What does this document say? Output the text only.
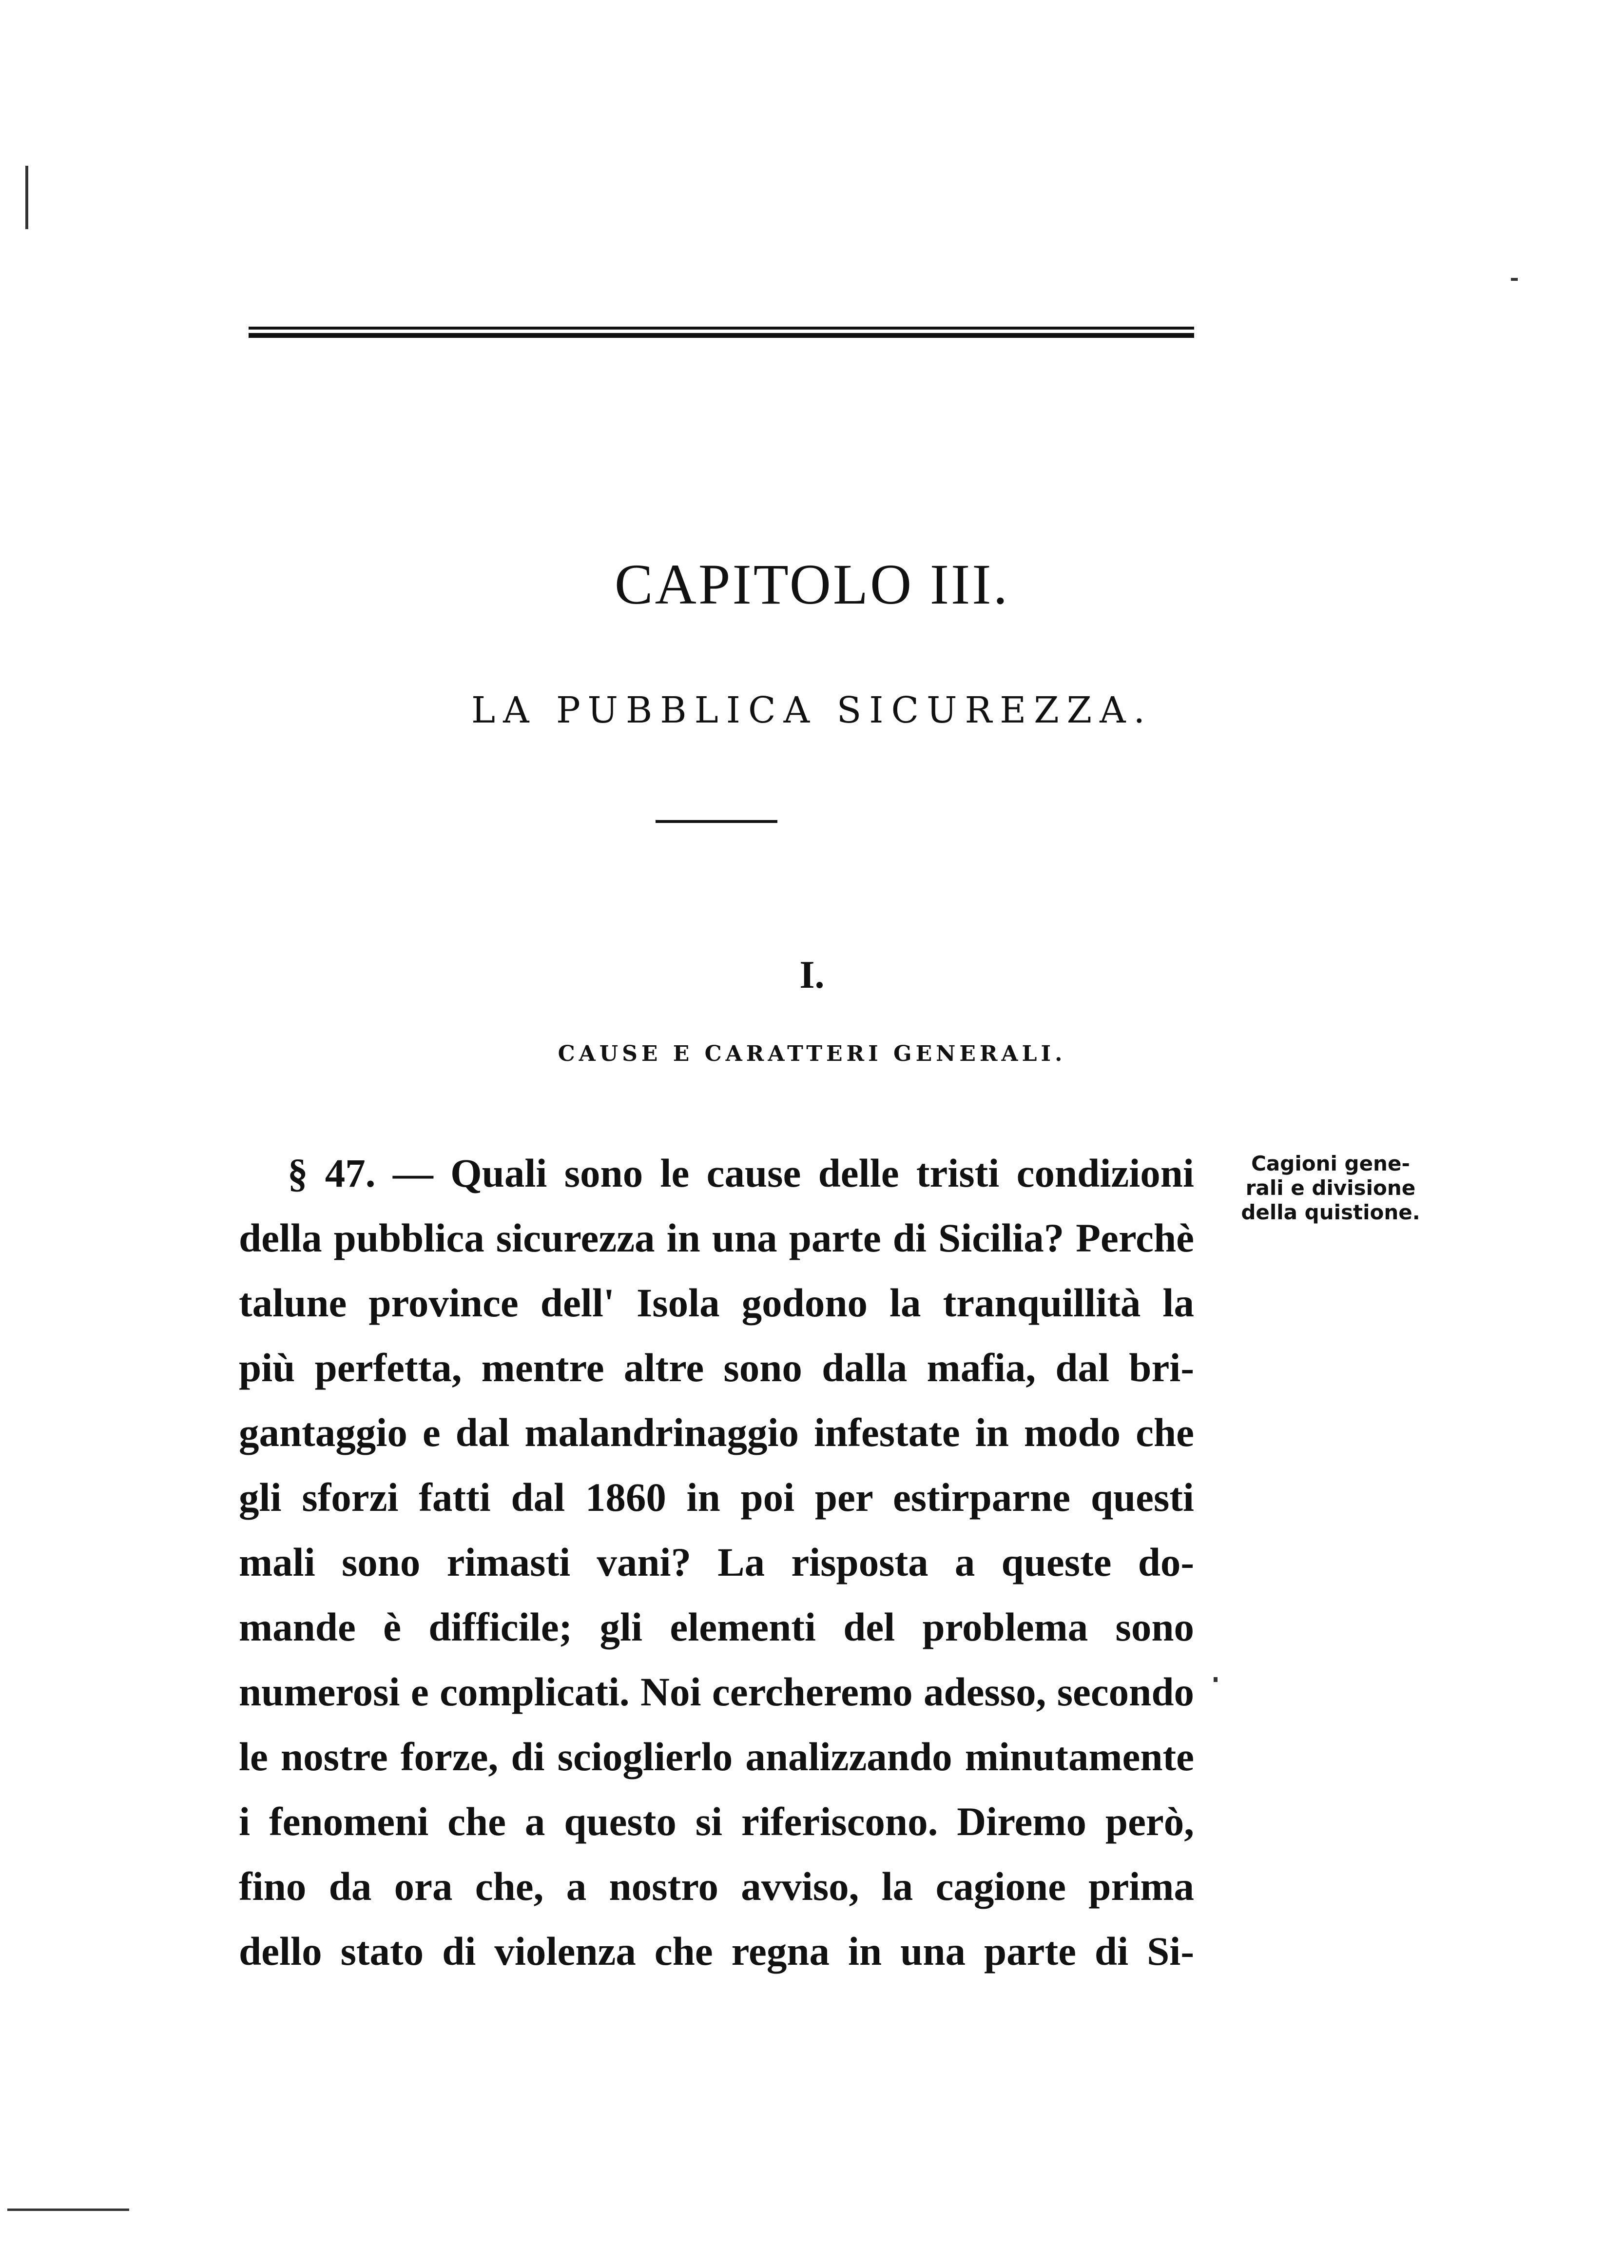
CAPITOLO III.
LA PUBBLICA SICUREZZA.
I.
CAUSE E CARATTERI GENERALI.
§ 47. — Quali sono le cause delle tristi condizioni
della pubblica sicurezza in una parte di Sicilia? Perchè
talune province dell' Isola godono la tranquillità la
più perfetta, mentre altre sono dalla mafia, dal bri-
gantaggio e dal malandrinaggio infestate in modo che
gli sforzi fatti dal 1860 in poi per estirparne questi
mali sono rimasti vani? La risposta a queste do-
mande è difficile; gli elementi del problema sono
numerosi e complicati. Noi cercheremo adesso, secondo
le nostre forze, di scioglierlo analizzando minutamente
i fenomeni che a questo si riferiscono. Diremo però,
fino da ora che, a nostro avviso, la cagione prima
dello stato di violenza che regna in una parte di Si-
Cagioni gene-
rali e divisione
della quistione.
